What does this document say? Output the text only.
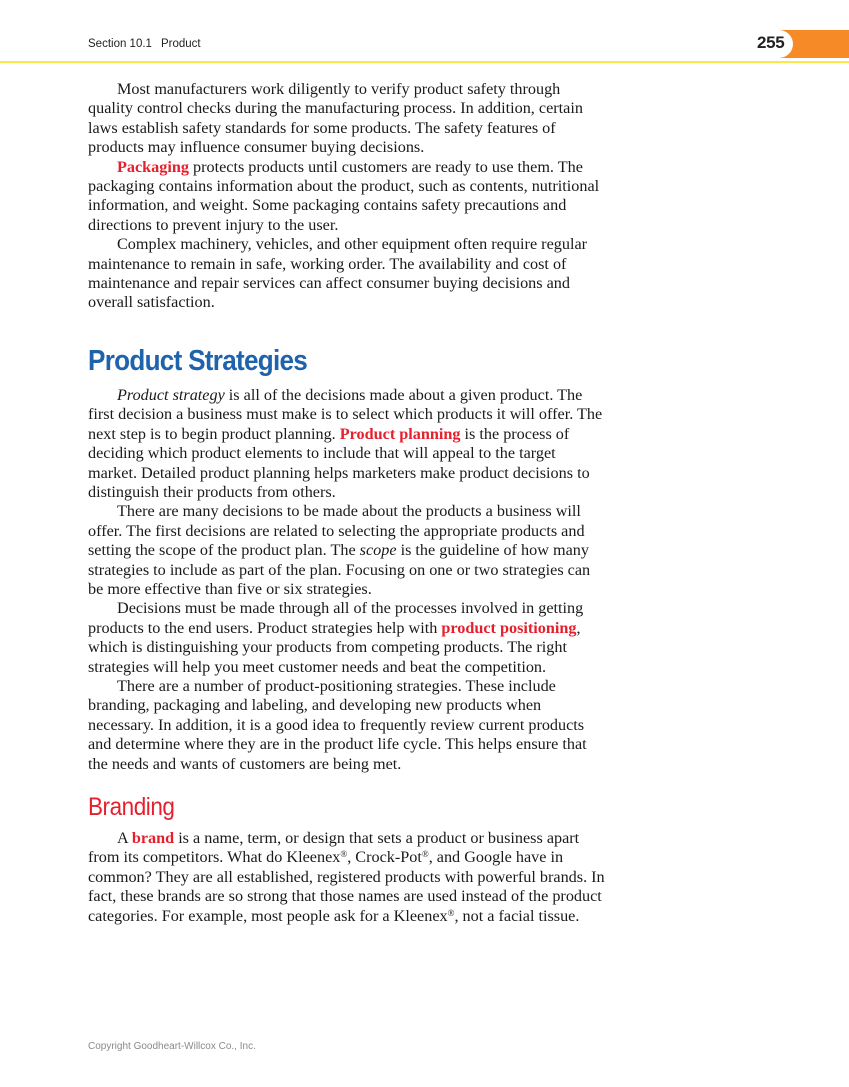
Section 10.1 Product	255

Most manufacturers work diligently to verify product safety through quality control checks during the manufacturing process. In addition, certain laws establish safety standards for some products. The safety features of products may influence consumer buying decisions.

Packaging protects products until customers are ready to use them. The packaging contains information about the product, such as contents, nutritional information, and weight. Some packaging contains safety precautions and directions to prevent injury to the user.

Complex machinery, vehicles, and other equipment often require regular maintenance to remain in safe, working order. The availability and cost of maintenance and repair services can affect consumer buying decisions and overall satisfaction.

Product Strategies

Product strategy is all of the decisions made about a given product. The first decision a business must make is to select which products it will offer. The next step is to begin product planning. Product planning is the process of deciding which product elements to include that will appeal to the target market. Detailed product planning helps marketers make product decisions to distinguish their products from others.

There are many decisions to be made about the products a business will offer. The first decisions are related to selecting the appropriate products and setting the scope of the product plan. The scope is the guideline of how many strategies to include as part of the plan. Focusing on one or two strategies can be more effective than five or six strategies.

Decisions must be made through all of the processes involved in getting products to the end users. Product strategies help with product positioning, which is distinguishing your products from competing products. The right strategies will help you meet customer needs and beat the competition.

There are a number of product-positioning strategies. These include branding, packaging and labeling, and developing new products when necessary. In addition, it is a good idea to frequently review current products and determine where they are in the product life cycle. This helps ensure that the needs and wants of customers are being met.

Branding

A brand is a name, term, or design that sets a product or business apart from its competitors. What do Kleenex®, Crock-Pot®, and Google have in common? They are all established, registered products with powerful brands. In fact, these brands are so strong that those names are used instead of the product categories. For example, most people ask for a Kleenex®, not a facial tissue.

Copyright Goodheart-Willcox Co., Inc.
